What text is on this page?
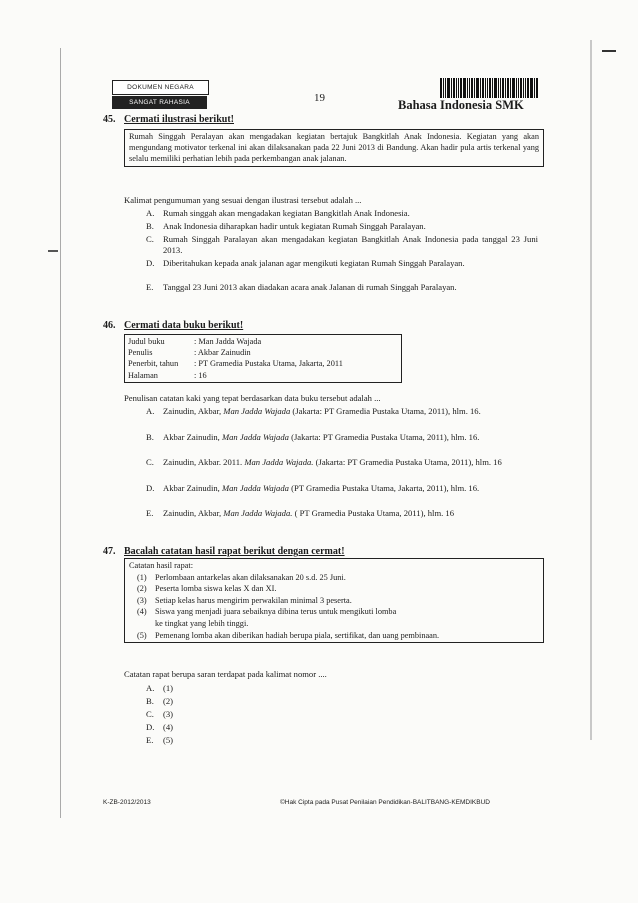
DOKUMEN NEGARA
SANGAT RAHASIA	19	Bahasa Indonesia SMK
45. Cermati ilustrasi berikut!
Rumah Singgah Peralayan akan mengadakan kegiatan bertajuk Bangkitlah Anak Indonesia. Kegiatan yang akan mengundang motivator terkenal ini akan dilaksanakan pada 22 Juni 2013 di Bandung. Akan hadir pula artis terkenal yang selalu memiliki perhatian lebih pada perkembangan anak jalanan.
Kalimat pengumuman yang sesuai dengan ilustrasi tersebut adalah ...
A.	Rumah singgah akan mengadakan kegiatan Bangkitlah Anak Indonesia.
B.	Anak Indonesia diharapkan hadir untuk kegiatan Rumah Singgah Paralayan.
C.	Rumah Singgah Paralayan akan mengadakan kegiatan Bangkitlah Anak Indonesia pada tanggal 23 Juni 2013.
D.	Diberitahukan kepada anak jalanan agar mengikuti kegiatan Rumah Singgah Paralayan.
E.	Tanggal 23 Juni 2013 akan diadakan acara anak Jalanan di rumah Singgah Paralayan.
46. Cermati data buku berikut!
Judul buku	: Man Jadda Wajada
Penulis	: Akbar Zainudin
Penerbit, tahun	: PT Gramedia Pustaka Utama, Jakarta, 2011
Halaman	: 16
Penulisan catatan kaki yang tepat berdasarkan data buku tersebut adalah ...
A.	Zainudin, Akbar, Man Jadda Wajada (Jakarta: PT Gramedia Pustaka Utama, 2011), hlm. 16.
B.	Akbar Zainudin, Man Jadda Wajada (Jakarta: PT Gramedia Pustaka Utama, 2011), hlm. 16.
C.	Zainudin, Akbar. 2011. Man Jadda Wajada. (Jakarta: PT Gramedia Pustaka Utama, 2011), hlm. 16
D.	Akbar Zainudin, Man Jadda Wajada (PT Gramedia Pustaka Utama, Jakarta, 2011), hlm. 16.
E.	Zainudin, Akbar, Man Jadda Wajada. ( PT Gramedia Pustaka Utama, 2011), hlm. 16
47. Bacalah catatan hasil rapat berikut dengan cermat!
Catatan hasil rapat:
(1)	Perlombaan antarkelas akan dilaksanakan 20 s.d. 25 Juni.
(2)	Peserta lomba siswa kelas X dan XI.
(3)	Setiap kelas harus mengirim perwakilan minimal 3 peserta.
(4)	Siswa yang menjadi juara sebaiknya dibina terus untuk mengikuti lomba ke tingkat yang lebih tinggi.
(5)	Pemenang lomba akan diberikan hadiah berupa piala, sertifikat, dan uang pembinaan.
Catatan rapat berupa saran terdapat pada kalimat nomor ....
A.	(1)
B.	(2)
C.	(3)
D.	(4)
E.	(5)
K-ZB-2012/2013	©Hak Cipta pada Pusat Penilaian Pendidikan-BALITBANG-KEMDIKBUD
